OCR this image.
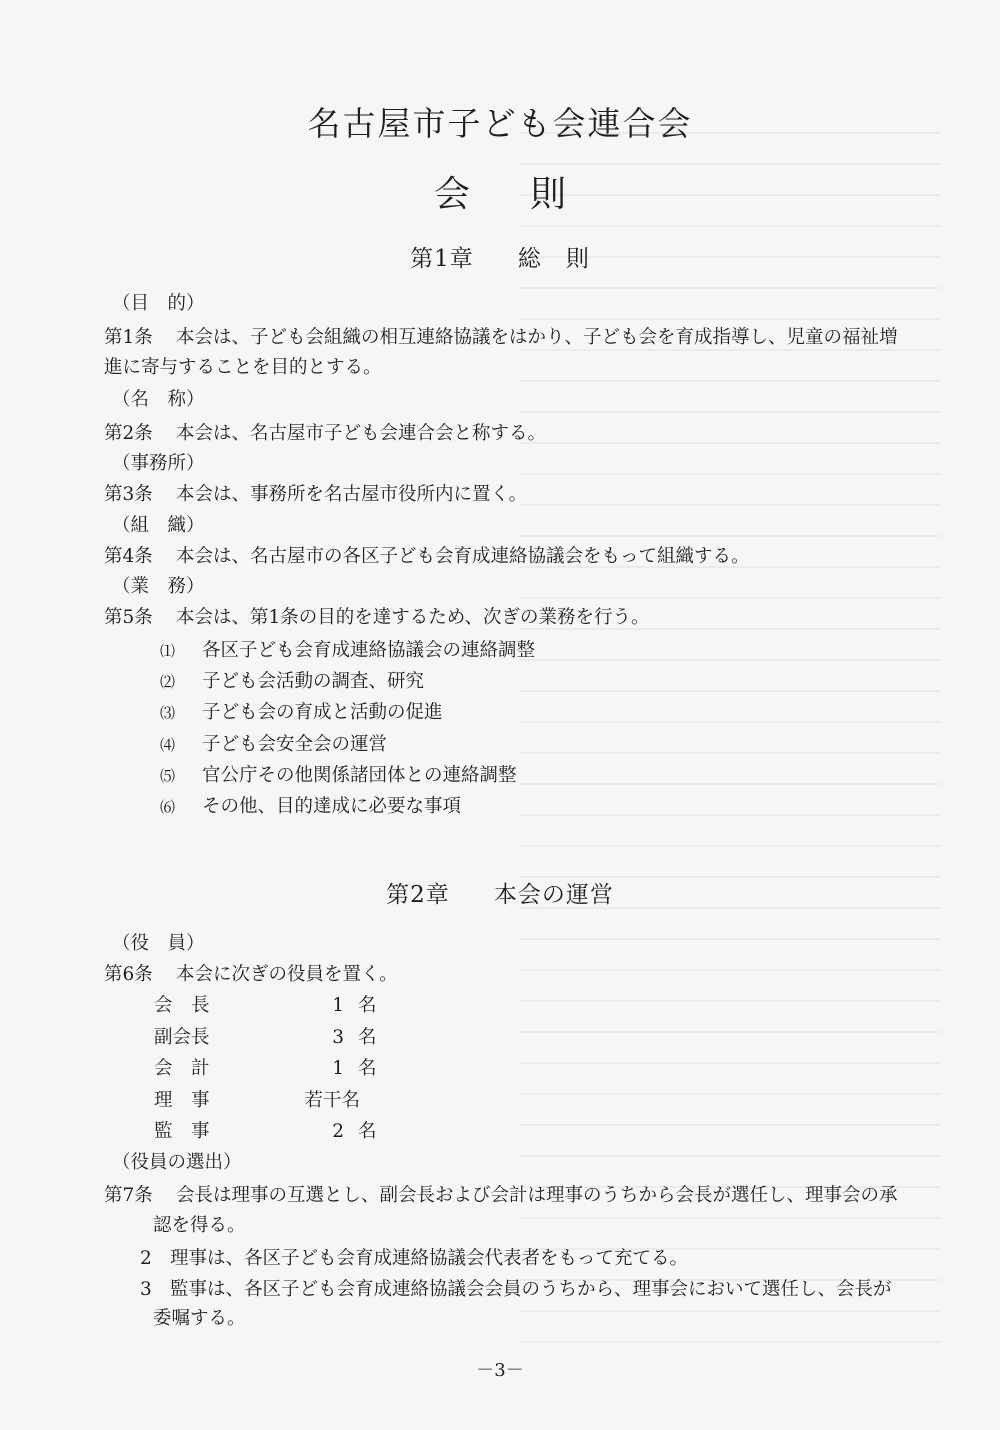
名古屋市子ども会連合会
会則
第1章 総　則
（目　的）
第1条 本会は、子ども会組織の相互連絡協議をはかり、子ども会を育成指導し、児童の福祉増
進に寄与することを目的とする。
（名　称）
第2条 本会は、名古屋市子ども会連合会と称する。
（事務所）
第3条 本会は、事務所を名古屋市役所内に置く。
（組　織）
第4条 本会は、名古屋市の各区子ども会育成連絡協議会をもって組織する。
（業　務）
第5条 本会は、第1条の目的を達するため、次ぎの業務を行う。
⑴ 各区子ども会育成連絡協議会の連絡調整
⑵ 子ども会活動の調査、研究
⑶ 子ども会の育成と活動の促進
⑷ 子ども会安全会の運営
⑸ 官公庁その他関係諸団体との連絡調整
⑹ その他、目的達成に必要な事項
第2章 本会の運営
（役　員）
第6条 本会に次ぎの役員を置く。
会　長	1 名
副会長	3 名
会　計	1 名
理　事	若干名
監　事	2 名
（役員の選出）
第7条 会長は理事の互選とし、副会長および会計は理事のうちから会長が選任し、理事会の承
認を得る。
2 理事は、各区子ども会育成連絡協議会代表者をもって充てる。
3 監事は、各区子ども会育成連絡協議会会員のうちから、理事会において選任し、会長が
委嘱する。
－3－
